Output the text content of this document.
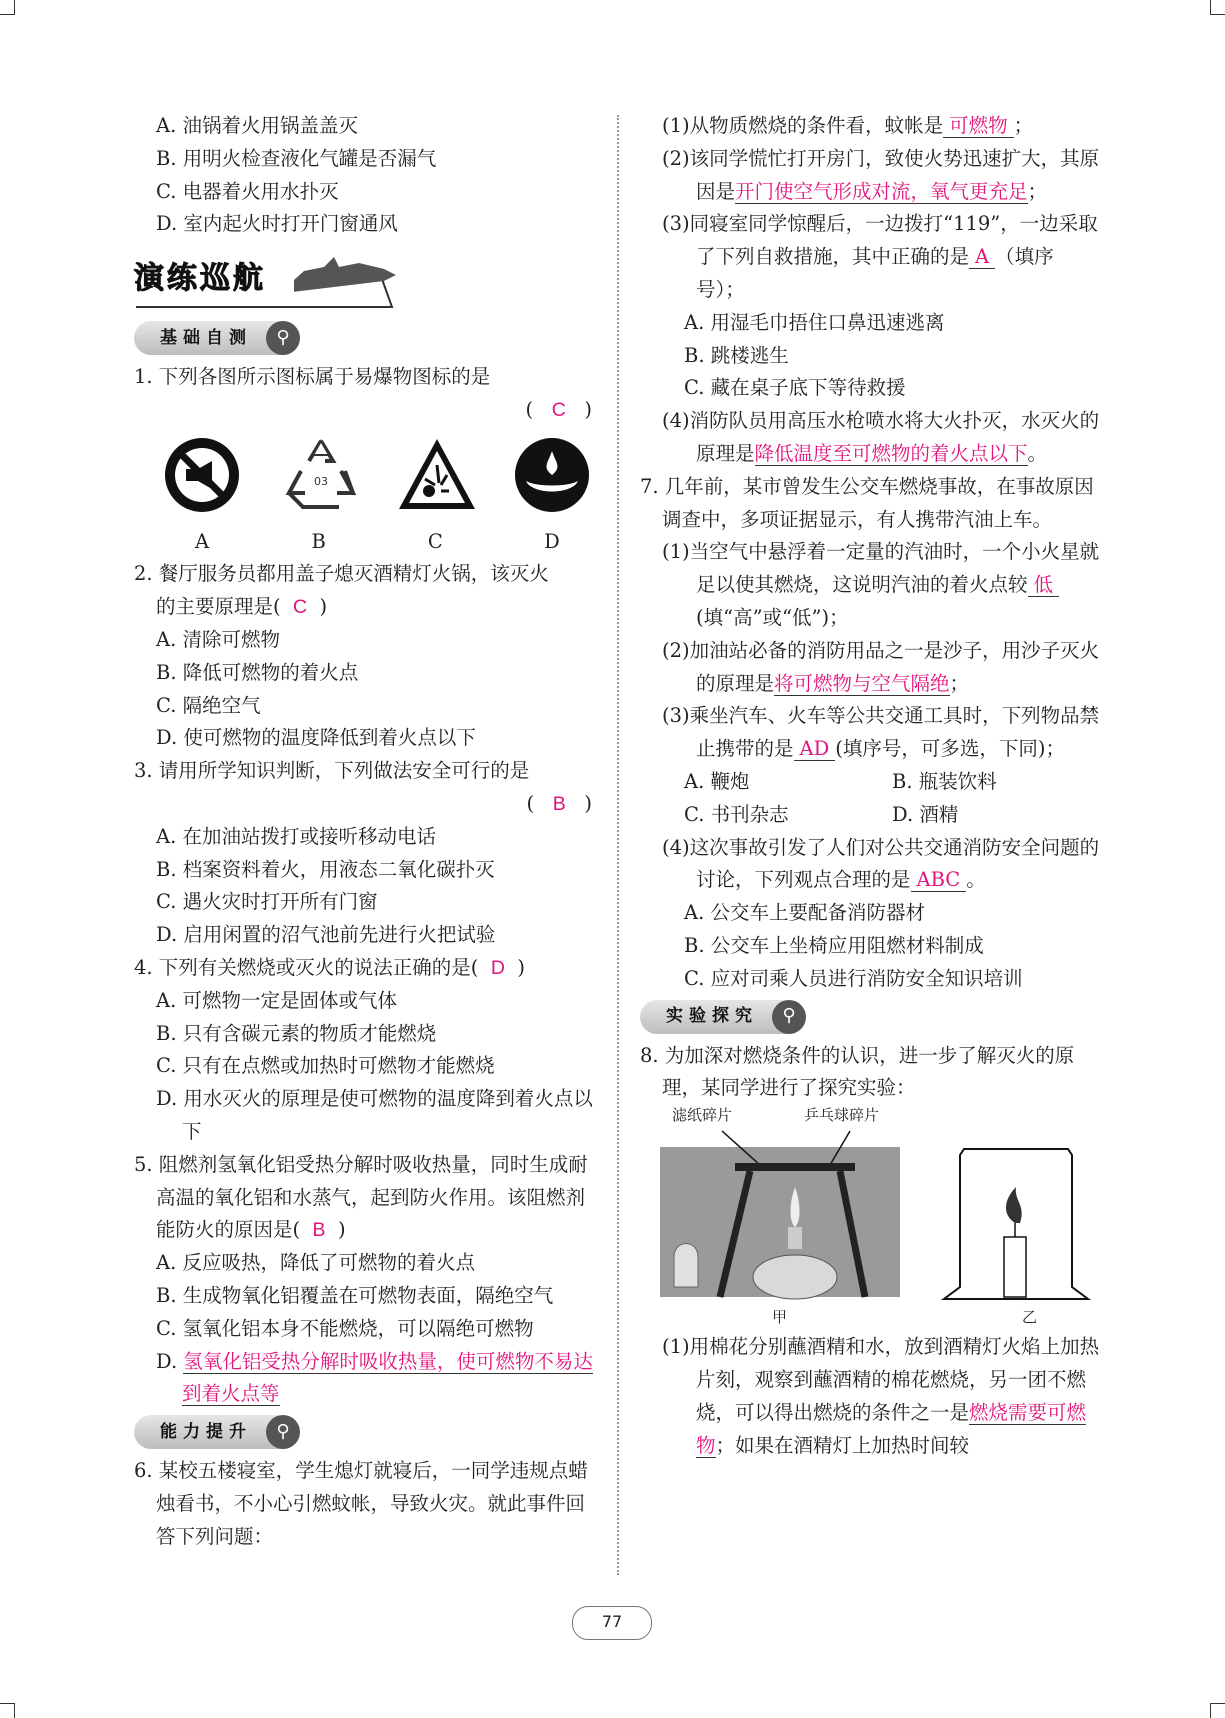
A. 油锅着火用锅盖盖灭

B. 用明火检查液化气罐是否漏气

C. 电器着火用水扑灭

D. 室内起火时打开门窗通风

演练巡航
基础自测	⚲

1. 下列各图所示图标属于易爆物图标的是

( C )

03
A	B	C	D

2. 餐厅服务员都用盖子熄灭酒精灯火锅，该灭火

的主要原理是( C )

A. 清除可燃物

B. 降低可燃物的着火点

C. 隔绝空气

D. 使可燃物的温度降低到着火点以下

3. 请用所学知识判断，下列做法安全可行的是

( B )

A. 在加油站拨打或接听移动电话

B. 档案资料着火，用液态二氧化碳扑灭

C. 遇火灾时打开所有门窗

D. 启用闲置的沼气池前先进行火把试验

4. 下列有关燃烧或灭火的说法正确的是( D )

A. 可燃物一定是固体或气体

B. 只有含碳元素的物质才能燃烧

C. 只有在点燃或加热时可燃物才能燃烧

D. 用水灭火的原理是使可燃物的温度降到着火点以下

5. 阻燃剂氢氧化铝受热分解时吸收热量，同时生成耐高温的氧化铝和水蒸气，起到防火作用。该阻燃剂能防火的原因是( B )

A. 反应吸热，降低了可燃物的着火点

B. 生成物氧化铝覆盖在可燃物表面，隔绝空气

C. 氢氧化铝本身不能燃烧，可以隔绝可燃物

D. 氢氧化铝受热分解时吸收热量，使可燃物不易达到着火点等

能力提升	⚲

6. 某校五楼寝室，学生熄灯就寝后，一同学违规点蜡烛看书，不小心引燃蚊帐，导致火灾。就此事件回答下列问题：

(1)从物质燃烧的条件看，蚊帐是 可燃物 ；

(2)该同学慌忙打开房门，致使火势迅速扩大，其原因是开门使空气形成对流，氧气更充足；

(3)同寝室同学惊醒后，一边拨打“119”，一边采取了下列自救措施，其中正确的是 A （填序号）；

A. 用湿毛巾捂住口鼻迅速逃离

B. 跳楼逃生

C. 藏在桌子底下等待救援

(4)消防队员用高压水枪喷水将大火扑灭，水灭火的原理是降低温度至可燃物的着火点以下。

7. 几年前，某市曾发生公交车燃烧事故，在事故原因调查中，多项证据显示，有人携带汽油上车。

(1)当空气中悬浮着一定量的汽油时，一个小火星就足以使其燃烧，这说明汽油的着火点较 低(填“高”或“低”)；

(2)加油站必备的消防用品之一是沙子，用沙子灭火的原理是将可燃物与空气隔绝；

(3)乘坐汽车、火车等公共交通工具时，下列物品禁止携带的是 AD (填序号，可多选，下同)；

A. 鞭炮	B. 瓶装饮料

C. 书刊杂志	D. 酒精

(4)这次事故引发了人们对公共交通消防安全问题的讨论，下列观点合理的是 ABC 。

A. 公交车上要配备消防器材

B. 公交车上坐椅应用阻燃材料制成

C. 应对司乘人员进行消防安全知识培训

实验探究	⚲

8. 为加深对燃烧条件的认识，进一步了解灭火的原理，某同学进行了探究实验：

滤纸碎片	乒乓球碎片
甲	乙

(1)用棉花分别蘸酒精和水，放到酒精灯火焰上加热片刻，观察到蘸酒精的棉花燃烧，另一团不燃烧，可以得出燃烧的条件之一是燃烧需要可燃物；如果在酒精灯上加热时间较

77
